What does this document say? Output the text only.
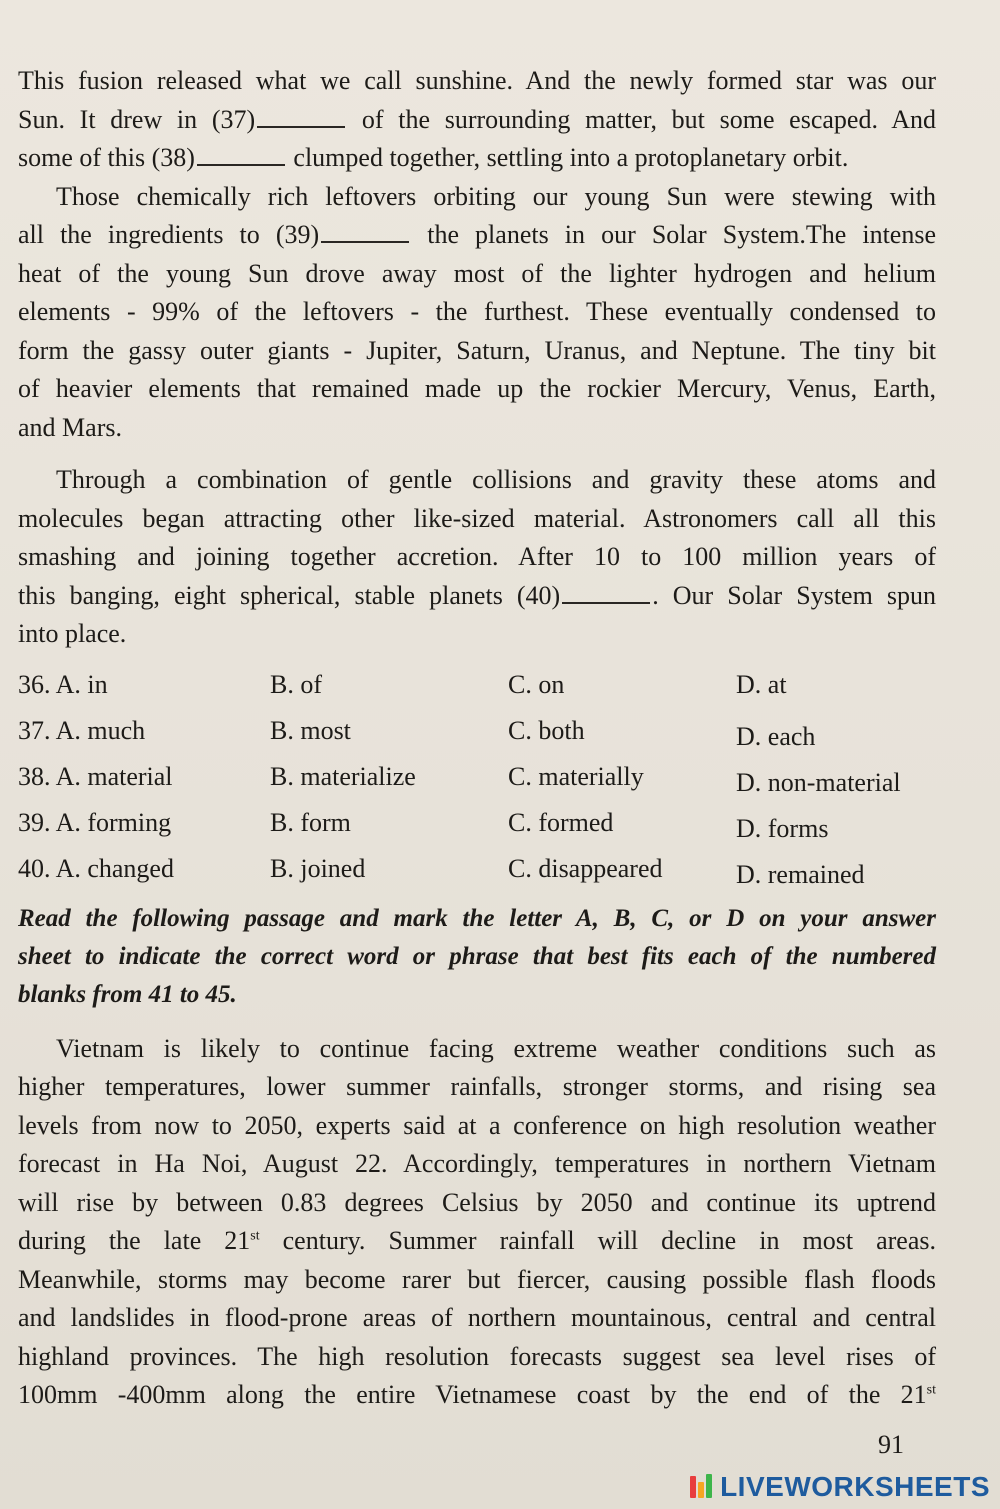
This fusion released what we call sunshine. And the newly formed star was our
Sun. It drew in (37)	of the surrounding matter, but some escaped. And
some of this (38)	clumped together, settling into a protoplanetary orbit.
Those chemically rich leftovers orbiting our young Sun were stewing with
all the ingredients to (39)	the planets in our Solar System.The intense
heat of the young Sun drove away most of the lighter hydrogen and helium
elements - 99% of the leftovers - the furthest. These eventually condensed to
form the gassy outer giants - Jupiter, Saturn, Uranus, and Neptune. The tiny bit
of heavier elements that remained made up the rockier Mercury, Venus, Earth,
and Mars.
Through a combination of gentle collisions and gravity these atoms and
molecules began attracting other like-sized material. Astronomers call all this
smashing and joining together accretion. After 10 to 100 million years of
this banging, eight spherical, stable planets (40)	. Our Solar System spun
into place.
36. A. in	B. of	C. on	D. at
37. A. much	B. most	C. both	D. each
38. A. material	B. materialize	C. materially	D. non-material
39. A. forming	B. form	C. formed	D. forms
40. A. changed	B. joined	C. disappeared	D. remained
Read the following passage and mark the letter A, B, C, or D on your answer
sheet to indicate the correct word or phrase that best fits each of the numbered
blanks from 41 to 45.
Vietnam is likely to continue facing extreme weather conditions such as
higher temperatures, lower summer rainfalls, stronger storms, and rising sea
levels from now to 2050, experts said at a conference on high resolution weather
forecast in Ha Noi, August 22. Accordingly, temperatures in northern Vietnam
will rise by between 0.83 degrees Celsius by 2050 and continue its uptrend
during the late 21st century. Summer rainfall will decline in most areas.
Meanwhile, storms may become rarer but fiercer, causing possible flash floods
and landslides in flood-prone areas of northern mountainous, central and central
highland provinces. The high resolution forecasts suggest sea level rises of
100mm -400mm along the entire Vietnamese coast by the end of the 21st
91
LIVEWORKSHEETS
